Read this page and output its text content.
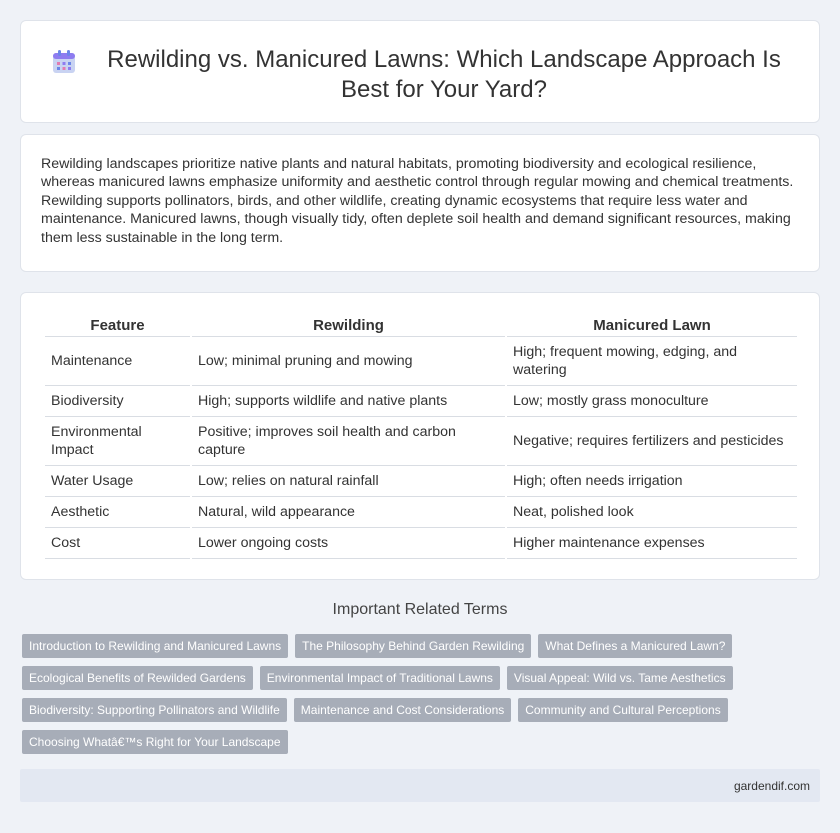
Rewilding vs. Manicured Lawns: Which Landscape Approach Is Best for Your Yard?

Rewilding landscapes prioritize native plants and natural habitats, promoting biodiversity and ecological resilience, whereas manicured lawns emphasize uniformity and aesthetic control through regular mowing and chemical treatments. Rewilding supports pollinators, birds, and other wildlife, creating dynamic ecosystems that require less water and maintenance. Manicured lawns, though visually tidy, often deplete soil health and demand significant resources, making them less sustainable in the long term.

Feature	Rewilding	Manicured Lawn
Maintenance	Low; minimal pruning and mowing	High; frequent mowing, edging, and watering
Biodiversity	High; supports wildlife and native plants	Low; mostly grass monoculture
Environmental Impact	Positive; improves soil health and carbon capture	Negative; requires fertilizers and pesticides
Water Usage	Low; relies on natural rainfall	High; often needs irrigation
Aesthetic	Natural, wild appearance	Neat, polished look
Cost	Lower ongoing costs	Higher maintenance expenses
Important Related Terms
Introduction to Rewilding and Manicured Lawns	The Philosophy Behind Garden Rewilding	What Defines a Manicured Lawn?
Ecological Benefits of Rewilded Gardens	Environmental Impact of Traditional Lawns	Visual Appeal: Wild vs. Tame Aesthetics
Biodiversity: Supporting Pollinators and Wildlife	Maintenance and Cost Considerations	Community and Cultural Perceptions
Choosing Whatâ€™s Right for Your Landscape
gardendif.com
